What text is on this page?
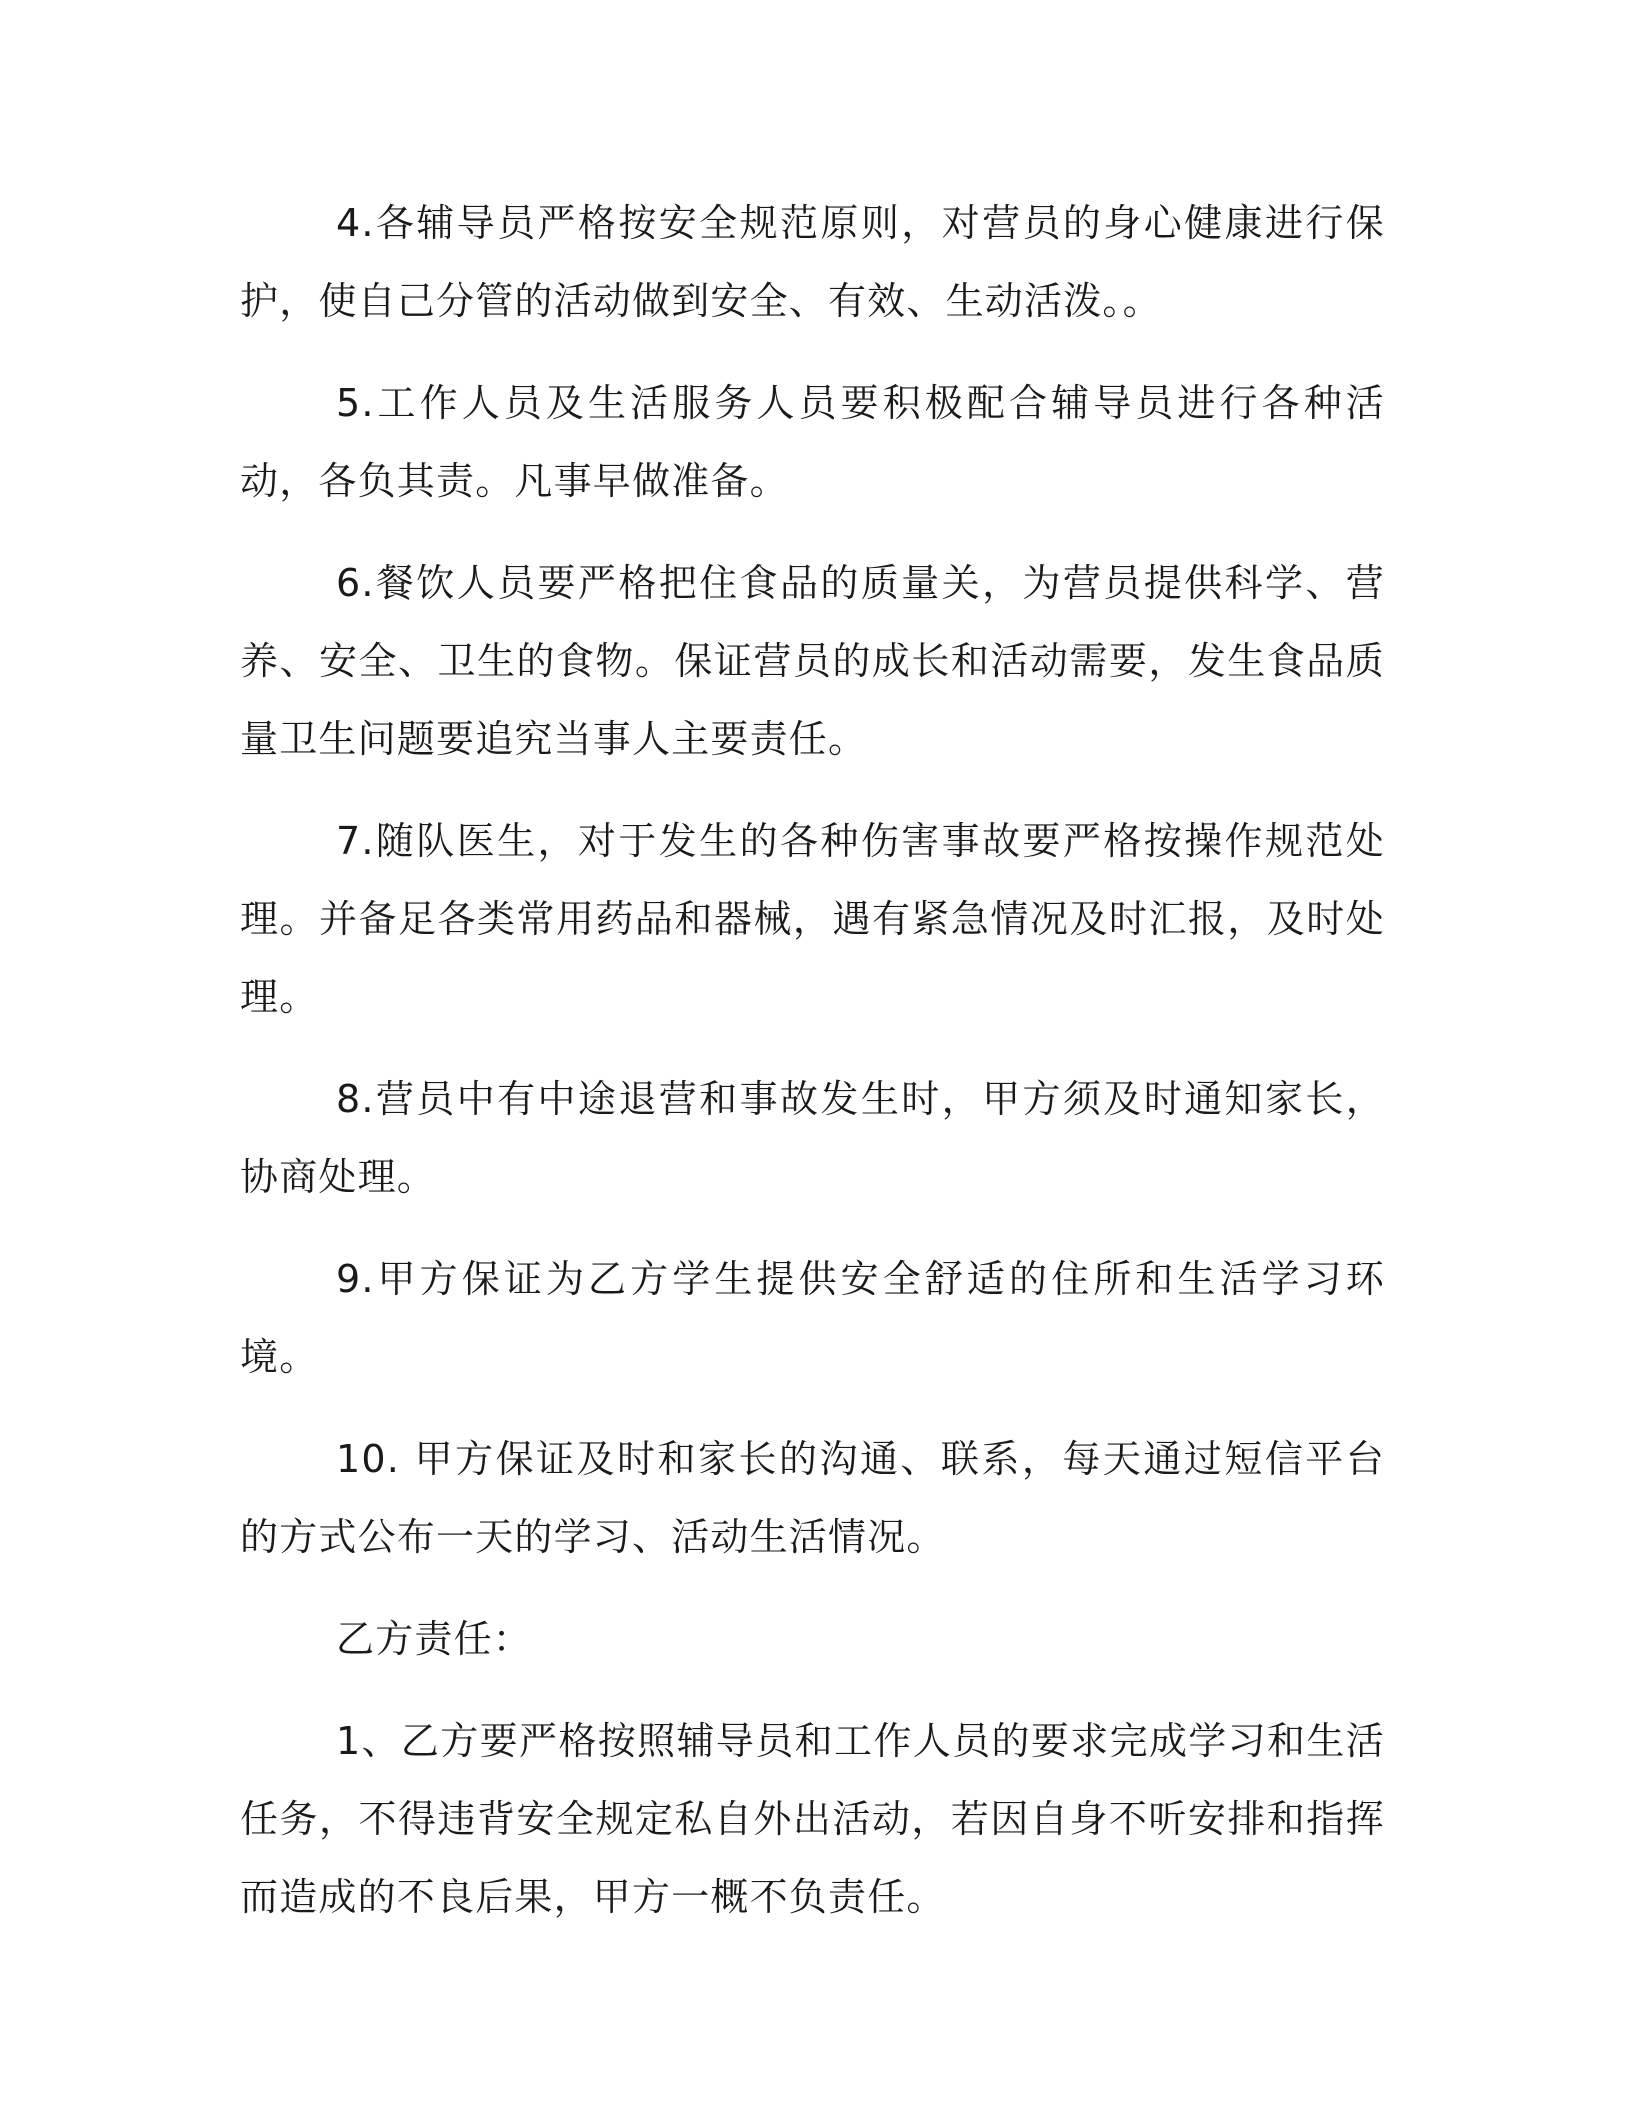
4.各辅导员严格按安全规范原则，对营员的身心健康进行保护，使自己分管的活动做到安全、有效、生动活泼。。

5.工作人员及生活服务人员要积极配合辅导员进行各种活动，各负其责。凡事早做准备。

6.餐饮人员要严格把住食品的质量关，为营员提供科学、营养、安全、卫生的食物。保证营员的成长和活动需要，发生食品质量卫生问题要追究当事人主要责任。

7.随队医生，对于发生的各种伤害事故要严格按操作规范处理。并备足各类常用药品和器械，遇有紧急情况及时汇报，及时处理。

8.营员中有中途退营和事故发生时，甲方须及时通知家长，协商处理。

9.甲方保证为乙方学生提供安全舒适的住所和生活学习环境。

10. 甲方保证及时和家长的沟通、联系，每天通过短信平台的方式公布一天的学习、活动生活情况。

乙方责任：

1、乙方要严格按照辅导员和工作人员的要求完成学习和生活任务，不得违背安全规定私自外出活动，若因自身不听安排和指挥而造成的不良后果，甲方一概不负责任。
